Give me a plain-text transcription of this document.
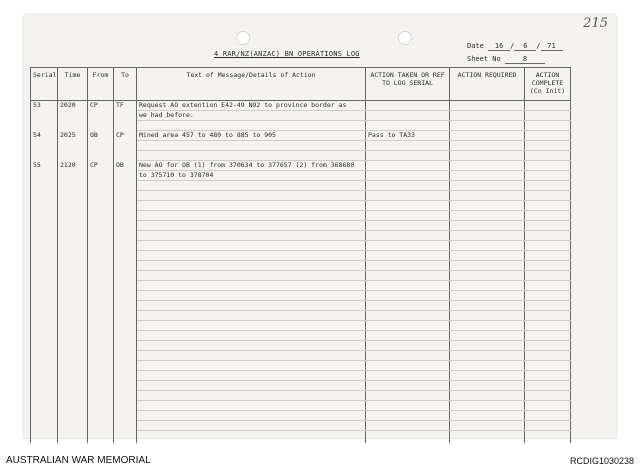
215
4 RAR/NZ(ANZAC) BN OPERATIONS LOG
Date 16 / 6 / 71
Sheet No	8
Serial	Time	From	To	Text of Message/Details of Action	ACTION TAKEN OR REF TO LOG SERIAL	ACTION REQUIRED	ACTION COMPLETE (Co Init)
53	2020	CP	TF	Request AO extention E42-49 N92 to province border as			
				we had before.			

54	2025	OB	CP	Mined area 457 to 480 to 885 to 905	Pass to TA33		

55	2120	CP	OB	New AO for OB (1) from 370634 to 377657 (2) from 368680			
				to 375710 to 378704			

AUSTRALIAN WAR MEMORIAL	RCDIG1030238
